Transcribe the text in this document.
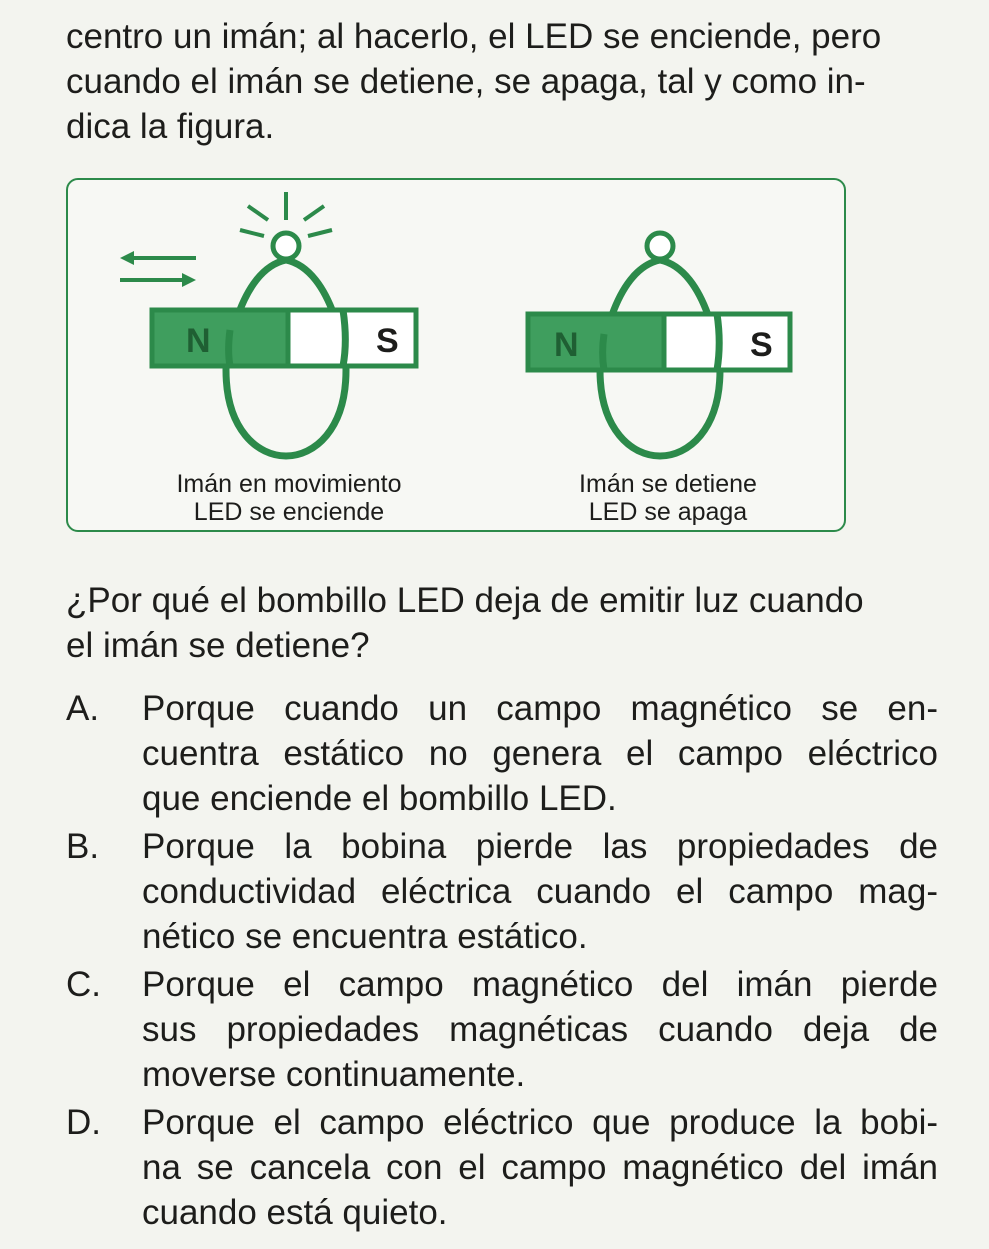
centro un imán; al hacerlo, el LED se enciende, pero
cuando el imán se detiene, se apaga, tal y como in-
dica la figura.

N	S	N	S
Imán en movimiento
LED se enciende
Imán se detiene
LED se apaga

¿Por qué el bombillo LED deja de emitir luz cuando
el imán se detiene?

A.	Porque cuando un campo magnético se en-
cuentra estático no genera el campo eléctrico
que enciende el bombillo LED.
B.	Porque la bobina pierde las propiedades de
conductividad eléctrica cuando el campo mag-
nético se encuentra estático.
C.	Porque el campo magnético del imán pierde
sus propiedades magnéticas cuando deja de
moverse continuamente.
D.	Porque el campo eléctrico que produce la bobi-
na se cancela con el campo magnético del imán
cuando está quieto.
